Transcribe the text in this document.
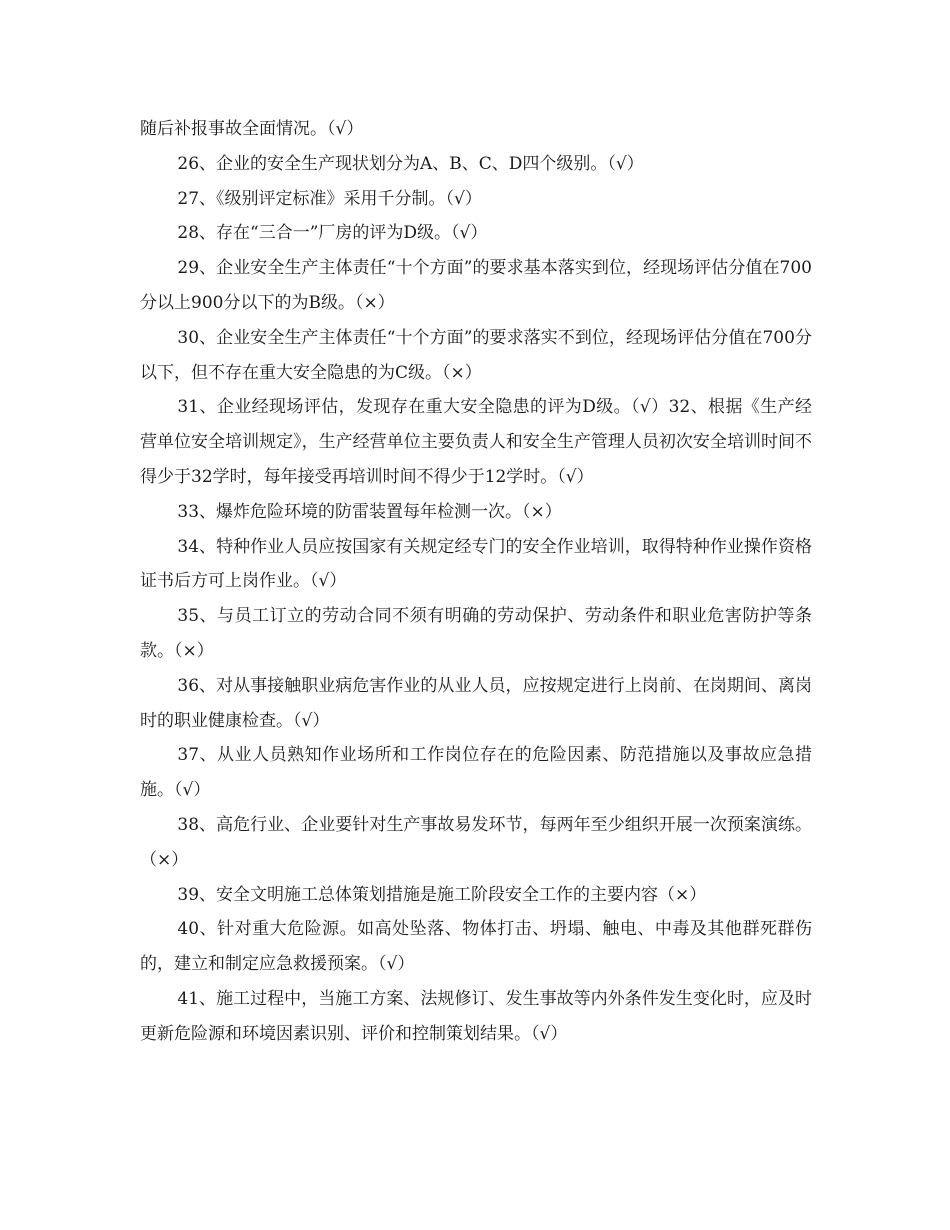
随后补报事故全面情况。（√）

26、企业的安全生产现状划分为A、B、C、D四个级别。（√）

27、《级别评定标准》采用千分制。（√）

28、存在“三合一”厂房的评为D级。（√）

29、企业安全生产主体责任“十个方面”的要求基本落实到位，经现场评估分值在700分以上900分以下的为B级。（×）

30、企业安全生产主体责任“十个方面”的要求落实不到位，经现场评估分值在700分以下，但不存在重大安全隐患的为C级。（×）

31、企业经现场评估，发现存在重大安全隐患的评为D级。（√）32、根据《生产经营单位安全培训规定》，生产经营单位主要负责人和安全生产管理人员初次安全培训时间不得少于32学时，每年接受再培训时间不得少于12学时。（√）

33、爆炸危险环境的防雷装置每年检测一次。（×）

34、特种作业人员应按国家有关规定经专门的安全作业培训，取得特种作业操作资格证书后方可上岗作业。（√）

35、与员工订立的劳动合同不须有明确的劳动保护、劳动条件和职业危害防护等条款。（×）

36、对从事接触职业病危害作业的从业人员，应按规定进行上岗前、在岗期间、离岗时的职业健康检查。（√）

37、从业人员熟知作业场所和工作岗位存在的危险因素、防范措施以及事故应急措施。（√）

38、高危行业、企业要针对生产事故易发环节，每两年至少组织开展一次预案演练。（×）

39、安全文明施工总体策划措施是施工阶段安全工作的主要内容（×）

40、针对重大危险源。如高处坠落、物体打击、坍塌、触电、中毒及其他群死群伤的，建立和制定应急救援预案。（√）

41、施工过程中，当施工方案、法规修订、发生事故等内外条件发生变化时，应及时更新危险源和环境因素识别、评价和控制策划结果。（√）
